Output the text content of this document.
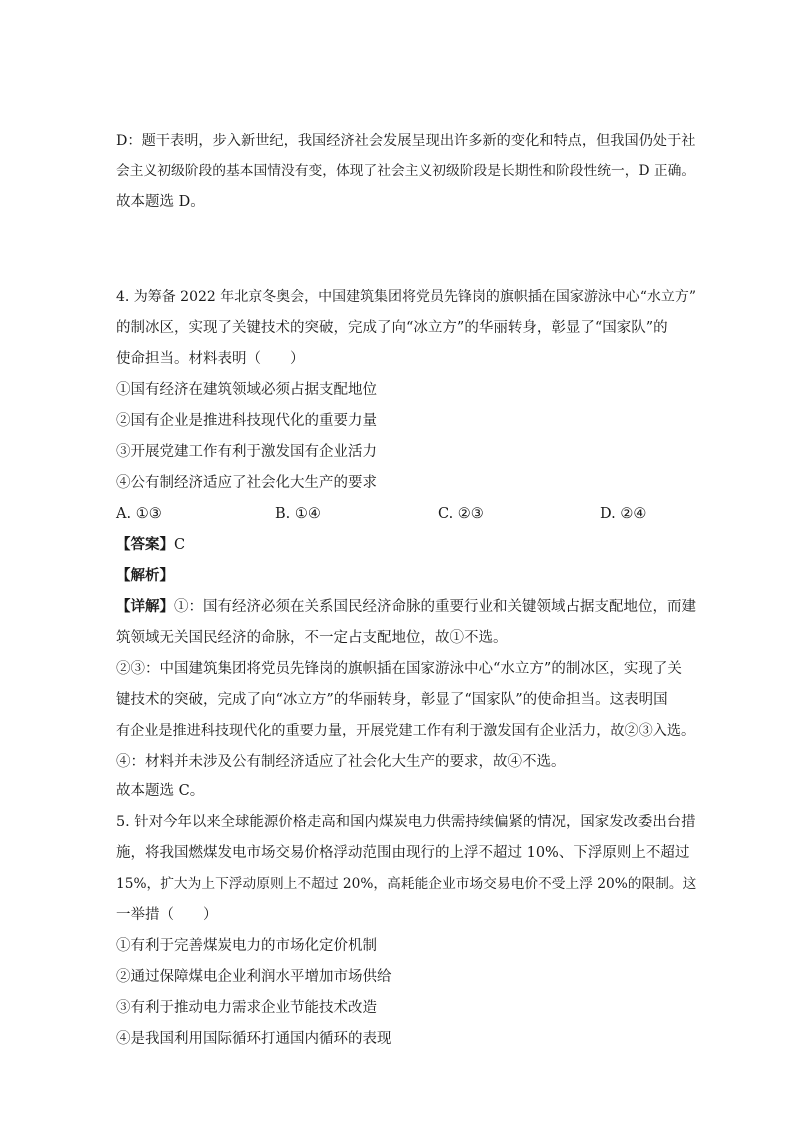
D：题干表明，步入新世纪，我国经济社会发展呈现出许多新的变化和特点，但我国仍处于社
会主义初级阶段的基本国情没有变，体现了社会主义初级阶段是长期性和阶段性统一，D 正确。
故本题选 D。
4. 为筹备 2022 年北京冬奥会，中国建筑集团将党员先锋岗的旗帜插在国家游泳中心“水立方”
的制冰区，实现了关键技术的突破，完成了向“冰立方”的华丽转身，彰显了“国家队”的
使命担当。材料表明（　　）
①国有经济在建筑领域必须占据支配地位
②国有企业是推进科技现代化的重要力量
③开展党建工作有利于激发国有企业活力
④公有制经济适应了社会化大生产的要求
A. ①③	B. ①④	C. ②③	D. ②④
【答案】C
【解析】
【详解】①：国有经济必须在关系国民经济命脉的重要行业和关键领域占据支配地位，而建
筑领域无关国民经济的命脉，不一定占支配地位，故①不选。
②③：中国建筑集团将党员先锋岗的旗帜插在国家游泳中心“水立方”的制冰区，实现了关
键技术的突破，完成了向“冰立方”的华丽转身，彰显了“国家队”的使命担当。这表明国
有企业是推进科技现代化的重要力量，开展党建工作有利于激发国有企业活力，故②③入选。
④：材料并未涉及公有制经济适应了社会化大生产的要求，故④不选。
故本题选 C。
5. 针对今年以来全球能源价格走高和国内煤炭电力供需持续偏紧的情况，国家发改委出台措
施，将我国燃煤发电市场交易价格浮动范围由现行的上浮不超过 10%、下浮原则上不超过
15%，扩大为上下浮动原则上不超过 20%，高耗能企业市场交易电价不受上浮 20%的限制。这
一举措（　　）
①有利于完善煤炭电力的市场化定价机制
②通过保障煤电企业利润水平增加市场供给
③有利于推动电力需求企业节能技术改造
④是我国利用国际循环打通国内循环的表现
